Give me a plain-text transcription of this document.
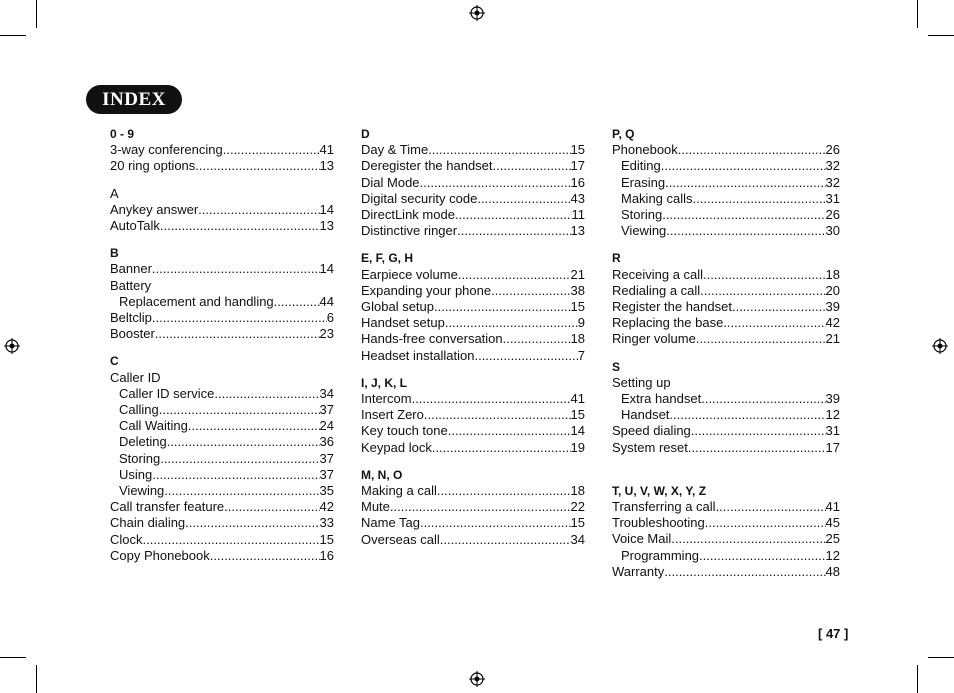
INDEX
0 - 9
3-way conferencing .....	41
20 ring options .....	13
A
Anykey answer .....	14
AutoTalk .....	13
B
Banner .....	14
Battery
Replacement and handling .....	44
Beltclip .....	6
Booster .....	23
C
Caller ID
Caller ID service .....	34
Calling .....	37
Call Waiting .....	24
Deleting .....	36
Storing .....	37
Using .....	37
Viewing .....	35
Call transfer feature .....	42
Chain dialing .....	33
Clock .....	15
Copy Phonebook .....	16
D
Day & Time .....	15
Deregister the handset .....	17
Dial Mode .....	16
Digital security code .....	43
DirectLink mode .....	11
Distinctive ringer .....	13
E, F, G, H
Earpiece volume .....	21
Expanding your phone .....	38
Global setup .....	15
Handset setup .....	9
Hands-free conversation .....	18
Headset installation .....	7
I, J, K, L
Intercom .....	41
Insert Zero .....	15
Key touch tone .....	14
Keypad lock .....	19
M, N, O
Making a call .....	18
Mute .....	22
Name Tag .....	15
Overseas call .....	34
P, Q
Phonebook .....	26
Editing .....	32
Erasing .....	32
Making calls .....	31
Storing .....	26
Viewing .....	30
R
Receiving a call .....	18
Redialing a call .....	20
Register the handset .....	39
Replacing the base .....	42
Ringer volume .....	21
S
Setting up
Extra handset .....	39
Handset .....	12
Speed dialing .....	31
System reset .....	17
T, U, V, W, X, Y, Z
Transferring a call .....	41
Troubleshooting .....	45
Voice Mail .....	25
Programming .....	12
Warranty .....	48
[ 47 ]
